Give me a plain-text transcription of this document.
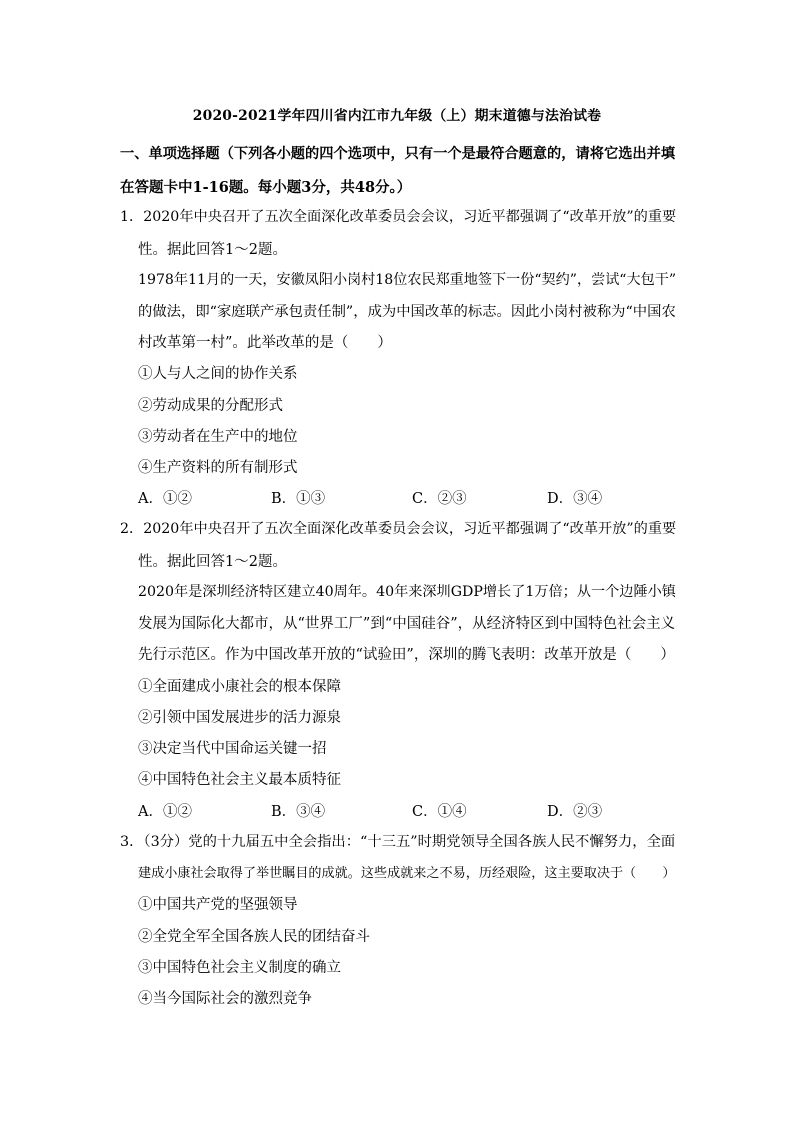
2020-2021学年四川省内江市九年级（上）期末道德与法治试卷
一、单项选择题（下列各小题的四个选项中，只有一个是最符合题意的，请将它选出并填
在答题卡中1-16题。每小题3分，共48分。）
1．2020年中央召开了五次全面深化改革委员会会议，习近平都强调了“改革开放”的重要
性。据此回答1～2题。
1978年11月的一天，安徽凤阳小岗村18位农民郑重地签下一份“契约”，尝试“大包干”
的做法，即“家庭联产承包责任制”，成为中国改革的标志。因此小岗村被称为“中国农
村改革第一村”。此举改革的是（　　）
①人与人之间的协作关系
②劳动成果的分配形式
③劳动者在生产中的地位
④生产资料的所有制形式
A．①②	B．①③	C．②③	D．③④
2．2020年中央召开了五次全面深化改革委员会会议，习近平都强调了“改革开放”的重要
性。据此回答1～2题。
2020年是深圳经济特区建立40周年。40年来深圳GDP增长了1万倍；从一个边陲小镇
发展为国际化大都市，从“世界工厂”到“中国硅谷”，从经济特区到中国特色社会主义
先行示范区。作为中国改革开放的“试验田”，深圳的腾飞表明：改革开放是（　　）
①全面建成小康社会的根本保障
②引领中国发展进步的活力源泉
③决定当代中国命运关键一招
④中国特色社会主义最本质特征
A．①②	B．③④	C．①④	D．②③
3．（3分）党的十九届五中全会指出：“十三五”时期党领导全国各族人民不懈努力，全面
建成小康社会取得了举世瞩目的成就。这些成就来之不易，历经艰险，这主要取决于（　　）
①中国共产党的坚强领导
②全党全军全国各族人民的团结奋斗
③中国特色社会主义制度的确立
④当今国际社会的激烈竞争
